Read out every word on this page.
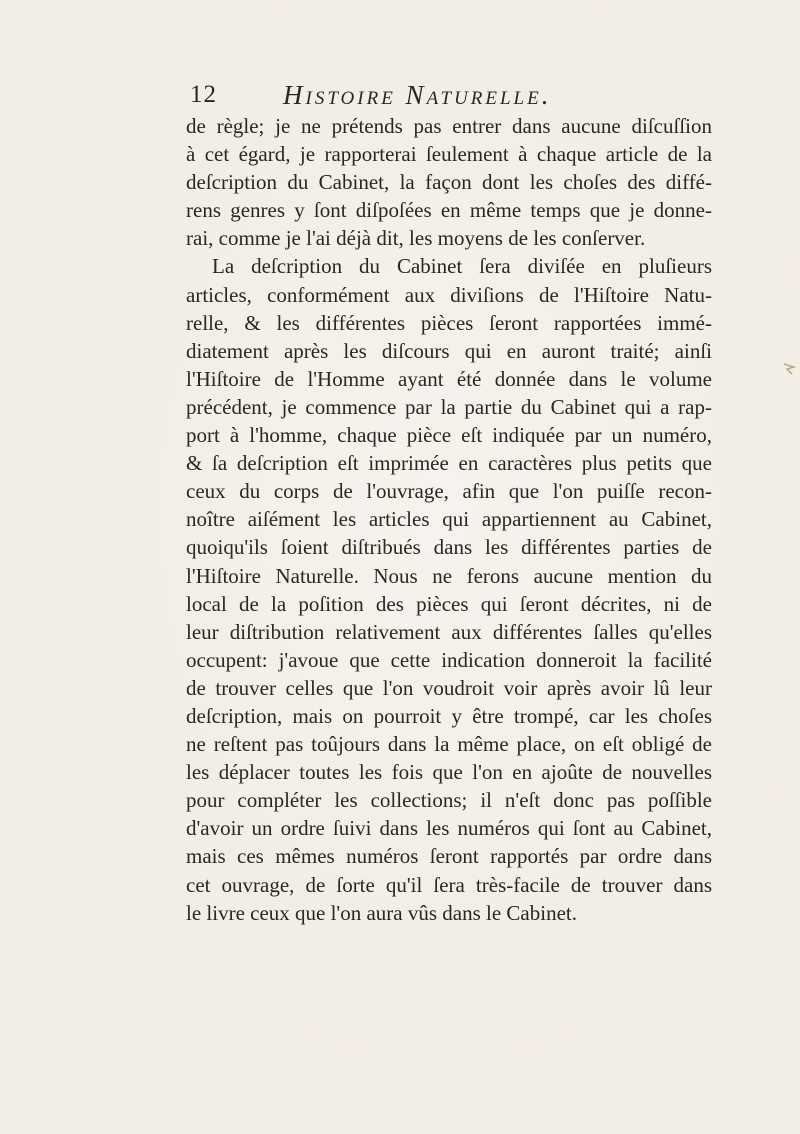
12 Histoire Naturelle.
de règle; je ne prétends pas entrer dans aucune diſcuſſion
à cet égard, je rapporterai ſeulement à chaque article de la
deſcription du Cabinet, la façon dont les choſes des diffé-
rens genres y ſont diſpoſées en même temps que je donne-
rai, comme je l'ai déjà dit, les moyens de les conſerver.
La deſcription du Cabinet ſera diviſée en pluſieurs
articles, conformément aux diviſions de l'Hiſtoire Natu-
relle, & les différentes pièces ſeront rapportées immé-
diatement après les diſcours qui en auront traité; ainſi
l'Hiſtoire de l'Homme ayant été donnée dans le volume
précédent, je commence par la partie du Cabinet qui a rap-
port à l'homme, chaque pièce eſt indiquée par un numéro,
& ſa deſcription eſt imprimée en caractères plus petits que
ceux du corps de l'ouvrage, afin que l'on puiſſe recon-
noître aiſément les articles qui appartiennent au Cabinet,
quoiqu'ils ſoient diſtribués dans les différentes parties de
l'Hiſtoire Naturelle. Nous ne ferons aucune mention du
local de la poſition des pièces qui ſeront décrites, ni de
leur diſtribution relativement aux différentes ſalles qu'elles
occupent: j'avoue que cette indication donneroit la facilité
de trouver celles que l'on voudroit voir après avoir lû leur
deſcription, mais on pourroit y être trompé, car les choſes
ne reſtent pas toûjours dans la même place, on eſt obligé de
les déplacer toutes les fois que l'on en ajoûte de nouvelles
pour compléter les collections; il n'eſt donc pas poſſible
d'avoir un ordre ſuivi dans les numéros qui ſont au Cabinet,
mais ces mêmes numéros ſeront rapportés par ordre dans
cet ouvrage, de ſorte qu'il ſera très-facile de trouver dans
le livre ceux que l'on aura vûs dans le Cabinet.
